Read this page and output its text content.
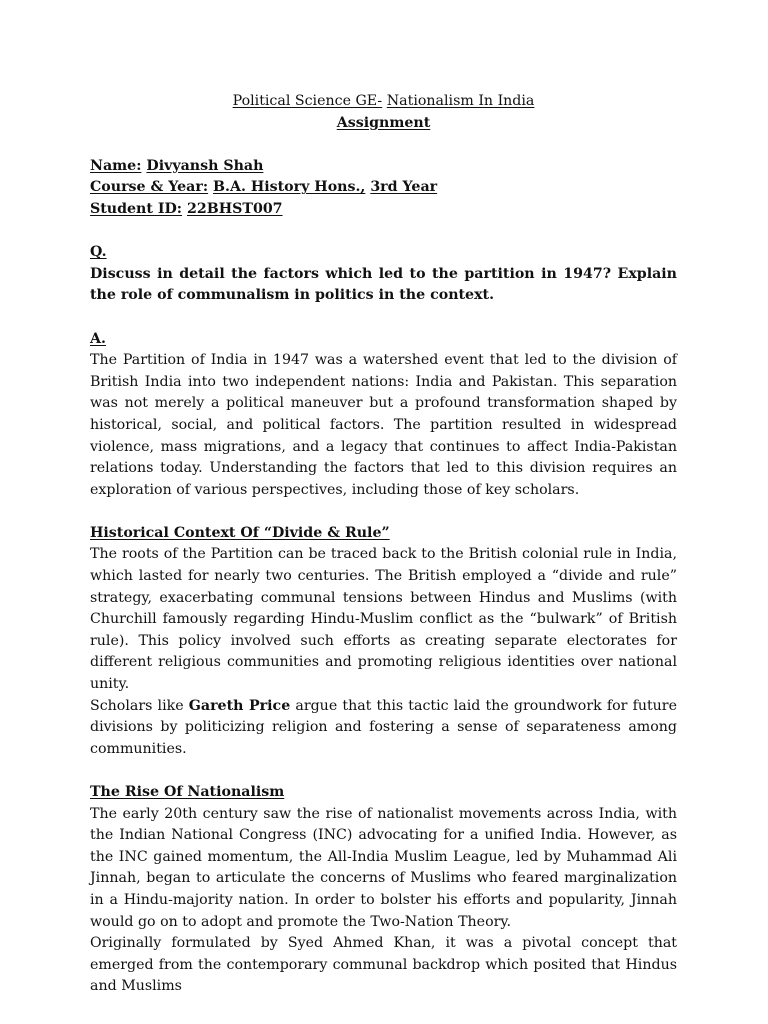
Political Science GE- Nationalism In India
Assignment
Name: Divyansh Shah
Course & Year: B.A. History Hons., 3rd Year
Student ID: 22BHST007
Q.
Discuss in detail the factors which led to the partition in 1947? Explain the role of communalism in politics in the context.
A.

The Partition of India in 1947 was a watershed event that led to the division of British India into two independent nations: India and Pakistan. This separation was not merely a political maneuver but a profound transformation shaped by historical, social, and political factors. The partition resulted in widespread violence, mass migrations, and a legacy that continues to affect India-Pakistan relations today. Understanding the factors that led to this division requires an exploration of various perspectives, including those of key scholars.

Historical Context Of “Divide & Rule”

The roots of the Partition can be traced back to the British colonial rule in India, which lasted for nearly two centuries. The British employed a “divide and rule” strategy, exacerbating communal tensions between Hindus and Muslims (with Churchill famously regarding Hindu-Muslim conflict as the “bulwark” of British rule). This policy involved such efforts as creating separate electorates for different religious communities and promoting religious identities over national unity.

Scholars like Gareth Price argue that this tactic laid the groundwork for future divisions by politicizing religion and fostering a sense of separateness among communities.

The Rise Of Nationalism

The early 20th century saw the rise of nationalist movements across India, with the Indian National Congress (INC) advocating for a unified India. However, as the INC gained momentum, the All-India Muslim League, led by Muhammad Ali Jinnah, began to articulate the concerns of Muslims who feared marginalization in a Hindu-majority nation. In order to bolster his efforts and popularity, Jinnah would go on to adopt and promote the Two-Nation Theory.

Originally formulated by Syed Ahmed Khan, it was a pivotal concept that emerged from the contemporary communal backdrop which posited that Hindus and Muslims
